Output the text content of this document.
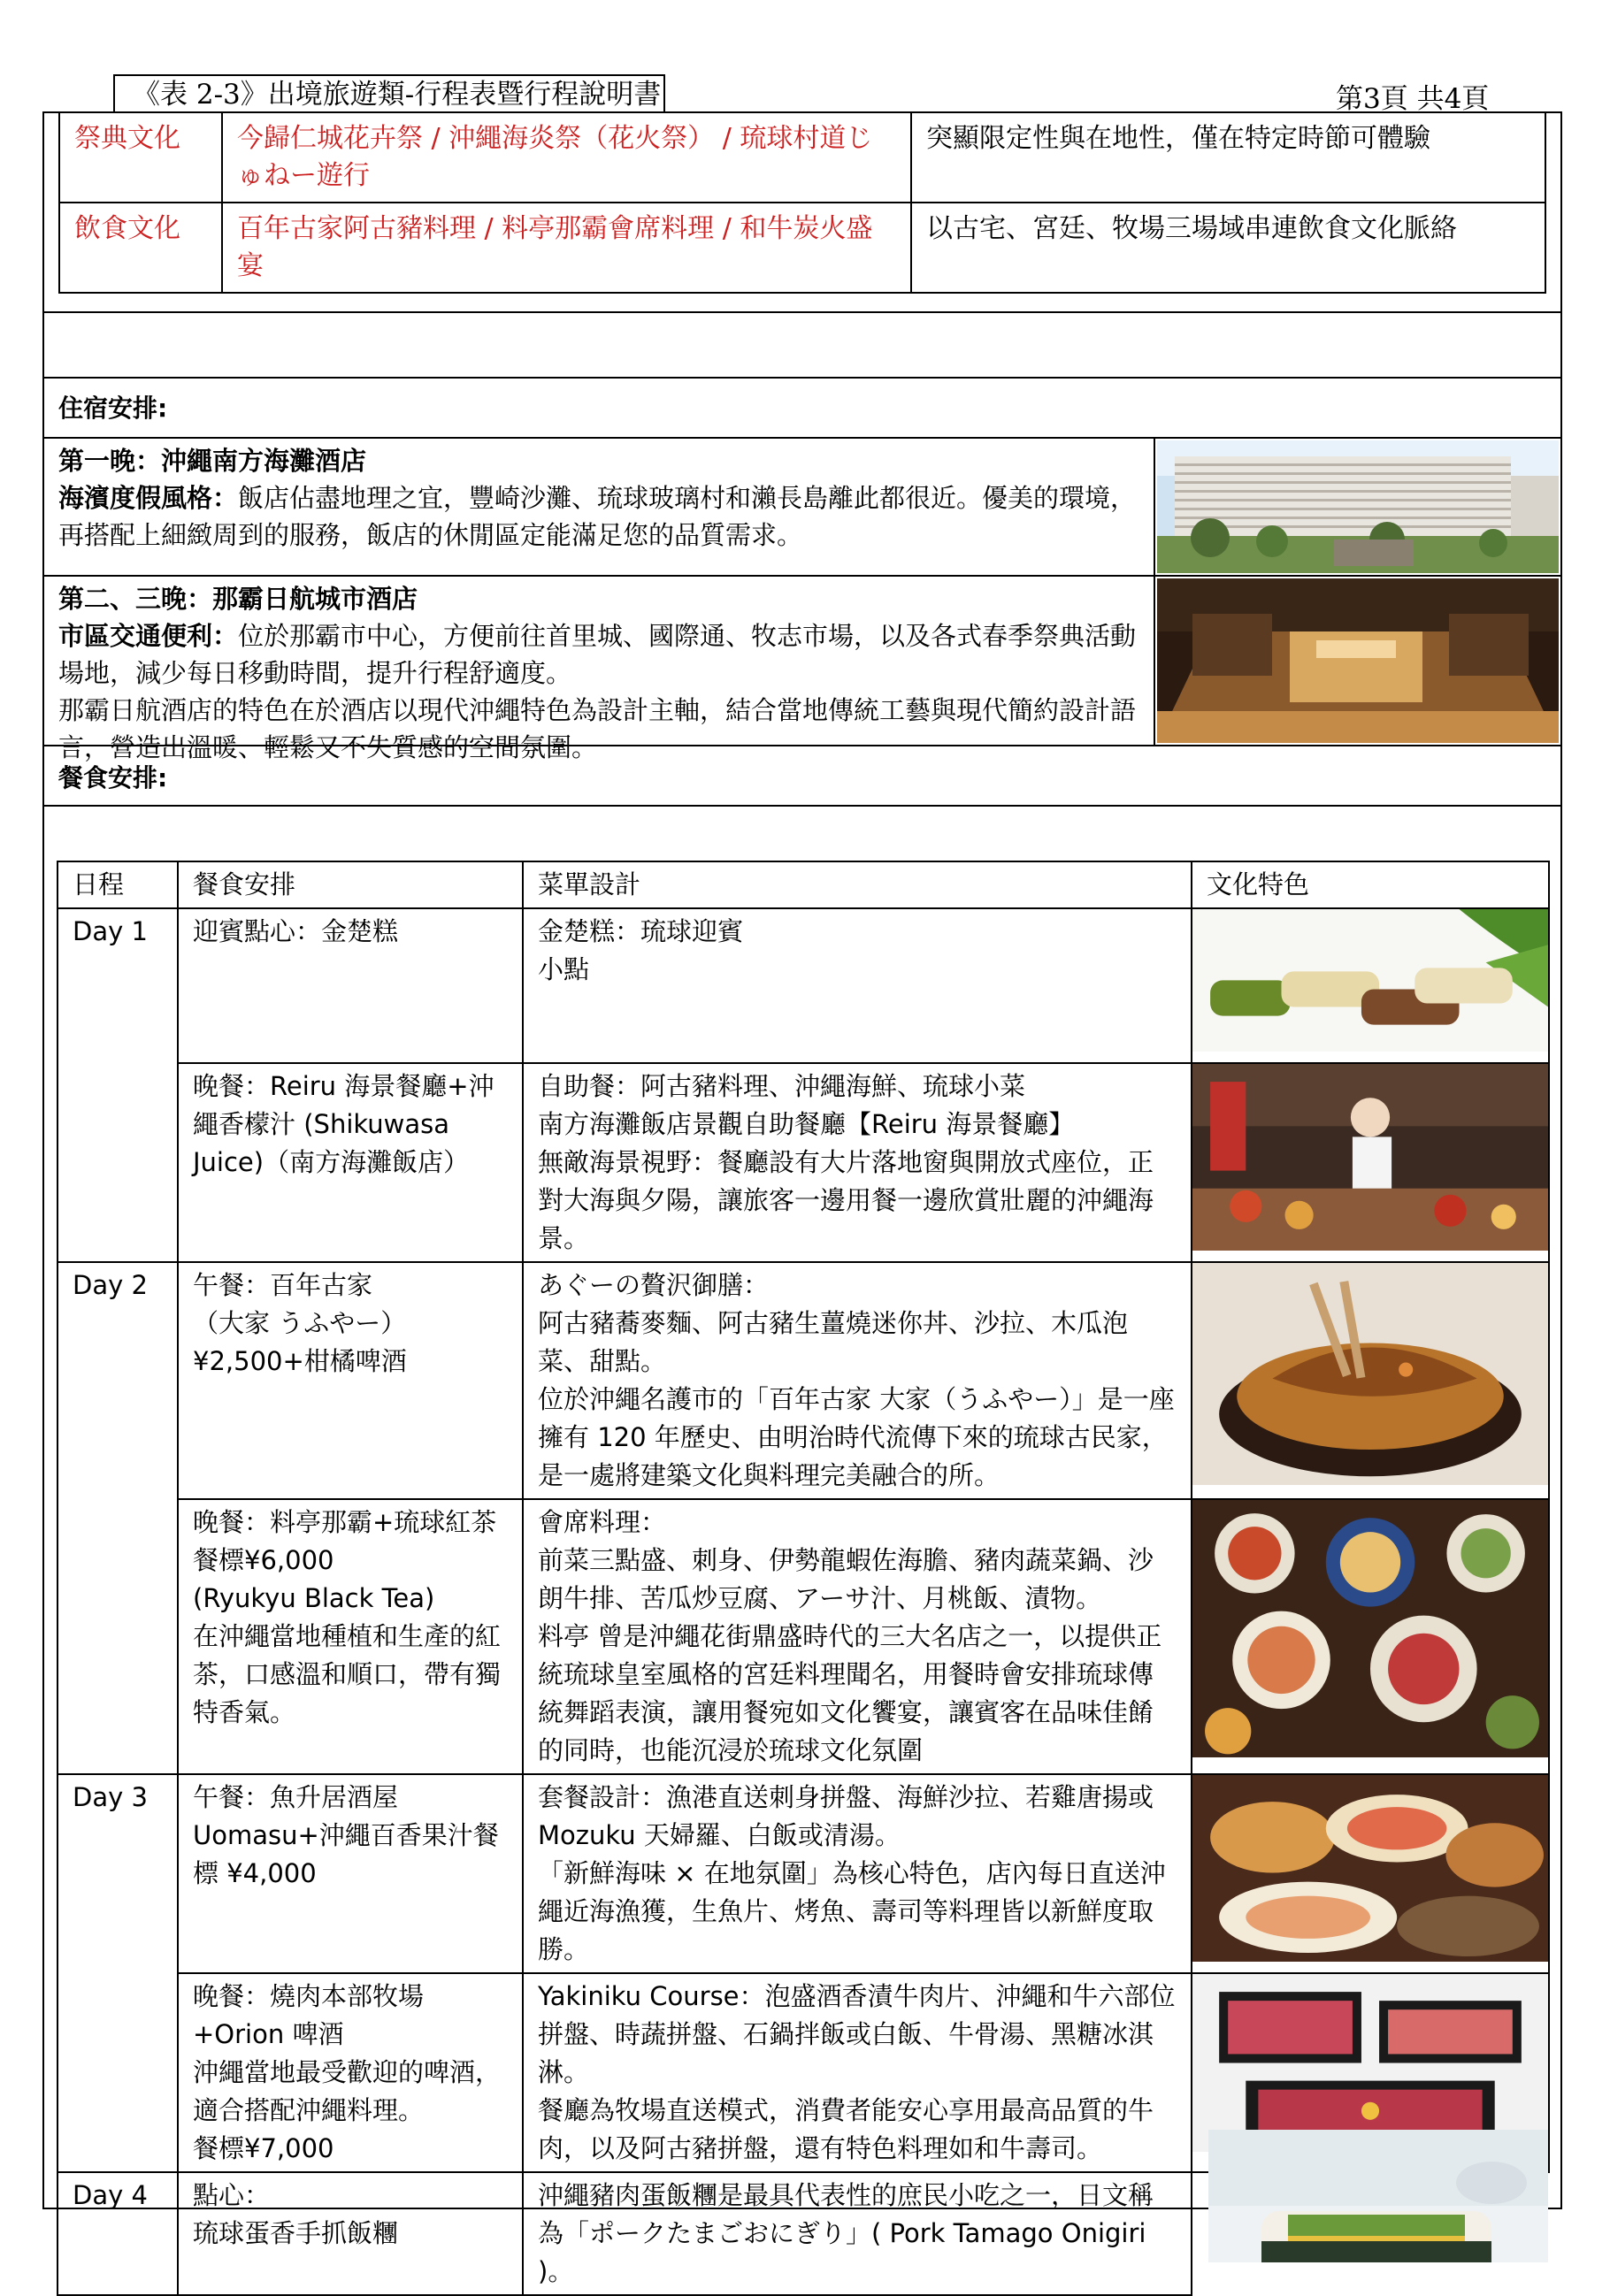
《表 2-3》出境旅遊類-行程表暨行程說明書	第3頁 共4頁
祭典文化	今歸仁城花卉祭 / 沖繩海炎祭（花火祭） / 琉球村道じゅねー遊行	突顯限定性與在地性，僅在特定時節可體驗
飲食文化	百年古家阿古豬料理 / 料亭那霸會席料理 / 和牛炭火盛宴	以古宅、宮廷、牧場三場域串連飲食文化脈絡
住宿安排:
第一晚：沖繩南方海灘酒店
海濱度假風格：飯店佔盡地理之宜，豐崎沙灘、琉球玻璃村和瀨長島離此都很近。優美的環境，再搭配上細緻周到的服務，飯店的休閒區定能滿足您的品質需求。
第二、三晚：那霸日航城市酒店
市區交通便利：位於那霸市中心，方便前往首里城、國際通、牧志市場，以及各式春季祭典活動場地，減少每日移動時間，提升行程舒適度。
那霸日航酒店的特色在於酒店以現代沖繩特色為設計主軸，結合當地傳統工藝與現代簡約設計語言，營造出溫暖、輕鬆又不失質感的空間氛圍。
餐食安排:
日程	餐食安排	菜單設計	文化特色
Day 1	迎賓點心：金楚糕	金楚糕：琉球迎賓
小點	
	晚餐：Reiru 海景餐廳+沖繩香檬汁 (Shikuwasa Juice)（南方海灘飯店）	自助餐：阿古豬料理、沖繩海鮮、琉球小菜
南方海灘飯店景觀自助餐廳【Reiru 海景餐廳】
無敵海景視野：餐廳設有大片落地窗與開放式座位，正對大海與夕陽，讓旅客一邊用餐一邊欣賞壯麗的沖繩海景。	
Day 2	午餐：百年古家
（大家 うふやー）
¥2,500+柑橘啤酒	あぐーの贅沢御膳：
阿古豬蕎麥麵、阿古豬生薑燒迷你丼、沙拉、木瓜泡菜、甜點。
位於沖繩名護市的「百年古家 大家（うふやー）」是一座擁有 120 年歷史、由明治時代流傳下來的琉球古民家，是一處將建築文化與料理完美融合的所。	
	晚餐：料亭那霸+琉球紅茶餐標¥6,000
(Ryukyu Black Tea)
在沖繩當地種植和生產的紅茶，口感溫和順口，帶有獨特香氣。	會席料理：
前菜三點盛、刺身、伊勢龍蝦佐海膽、豬肉蔬菜鍋、沙朗牛排、苦瓜炒豆腐、アーサ汁、月桃飯、漬物。
料亭 曾是沖繩花街鼎盛時代的三大名店之一，以提供正統琉球皇室風格的宮廷料理聞名，用餐時會安排琉球傳統舞蹈表演，讓用餐宛如文化饗宴，讓賓客在品味佳餚的同時，也能沉浸於琉球文化氛圍	
Day 3	午餐：魚升居酒屋 Uomasu+沖繩百香果汁餐標 ¥4,000	套餐設計：漁港直送刺身拼盤、海鮮沙拉、若雞唐揚或 Mozuku 天婦羅、白飯或清湯。
「新鮮海味 × 在地氛圍」為核心特色，店內每日直送沖繩近海漁獲，生魚片、烤魚、壽司等料理皆以新鮮度取勝。	
	晚餐：燒肉本部牧場
+Orion 啤酒
沖繩當地最受歡迎的啤酒，適合搭配沖繩料理。
餐標¥7,000	Yakiniku Course：泡盛酒香漬牛肉片、沖繩和牛六部位拼盤、時蔬拼盤、石鍋拌飯或白飯、牛骨湯、黑糖冰淇淋。
餐廳為牧場直送模式，消費者能安心享用最高品質的牛肉，以及阿古豬拼盤，還有特色料理如和牛壽司。	
Day 4	點心：
琉球蛋香手抓飯糰	沖繩豬肉蛋飯糰是最具代表性的庶民小吃之一，日文稱為「ポークたまごおにぎり」( Pork Tamago Onigiri )。	
